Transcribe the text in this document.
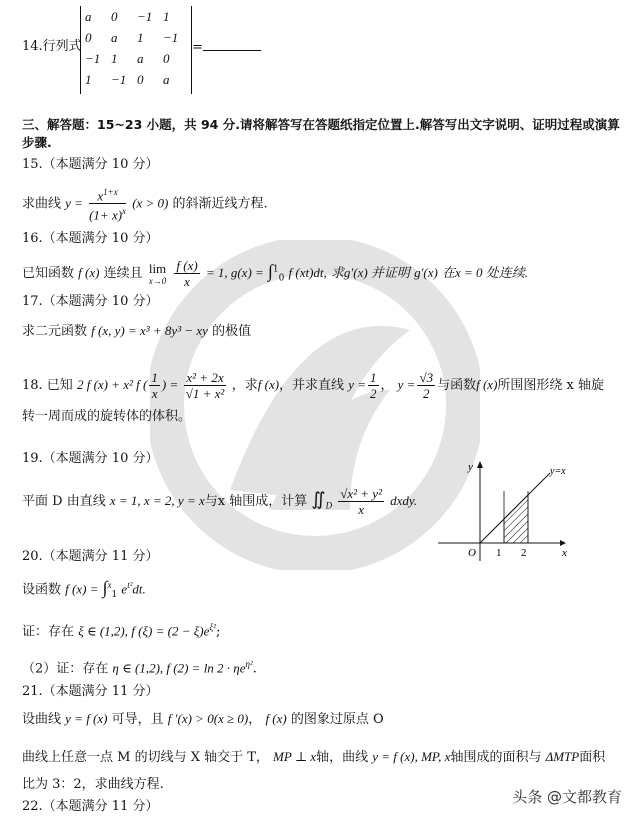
14.行列式
a	0	−1	1
0	a	1	−1
−1	1	a	0
1	−1	0	a
=
三、解答题：15~23 小题，共 94 分.请将解答写在答题纸指定位置上.解答写出文字说明、证明过程或演算
步骤.
15.（本题满分 10 分）
求曲线 $y = \frac{x^{1+x}}{(1+ x)^x} (x > 0)$ 的斜渐近线方程.
16.（本题满分 10 分）
已知函数 f (x) 连续且 lim
x→0
$\frac{f (x)}{x} = 1$, g(x) = ∫$^1_0$ f (xt)dt, 求g′(x) 并证明 g′(x) 在x = 0 处连续.
17.（本题满分 10 分）
求二元函数 f (x, y) = x³ + 8y³ − xy 的极值
18. 已知 2 f (x) + x² f ( $\frac{1}{x}$ ) = $\frac{\text{x² + 2x}}{\text{√1 + x²}}$ ，求f (x)，并求直线 $y = \frac{1}{2}$ ， $y = \frac{√3}{2}$ 与函数f (x)所围图形绕 x 轴旋
转一周而成的旋转体的体积。
19.（本题满分 10 分）
平面 D 由直线 x = 1, x = 2, y = x与x 轴围成，计算 $∬_D \frac{\text{√x² + y²}}{x}$ dxdy.
y
x
O 1 2
y=x
20.（本题满分 11 分）
设函数 f (x) = ∫$^x_1$ $e^{t^2}dt$.
证：存在 ξ ∈ (1,2), f $(\xi) = (2 - \xi)e^{\xi^2}$;
（2）证：存在 η ∈ (1,2), f $(2) = \ln 2 \cdot \eta e^{\eta^2}$.
21.（本题满分 11 分）
设曲线 y = f (x) 可导，且 f ′(x) > 0(x ≥ 0)， f (x) 的图象过原点 O
曲线上任意一点 M 的切线与 X 轴交于 T， MP ⊥ x轴，曲线 y = f (x), MP, x轴围成的面积与 ΔMTP面积
比为 3：2，求曲线方程.
22.（本题满分 11 分）
头条 @文都教育
